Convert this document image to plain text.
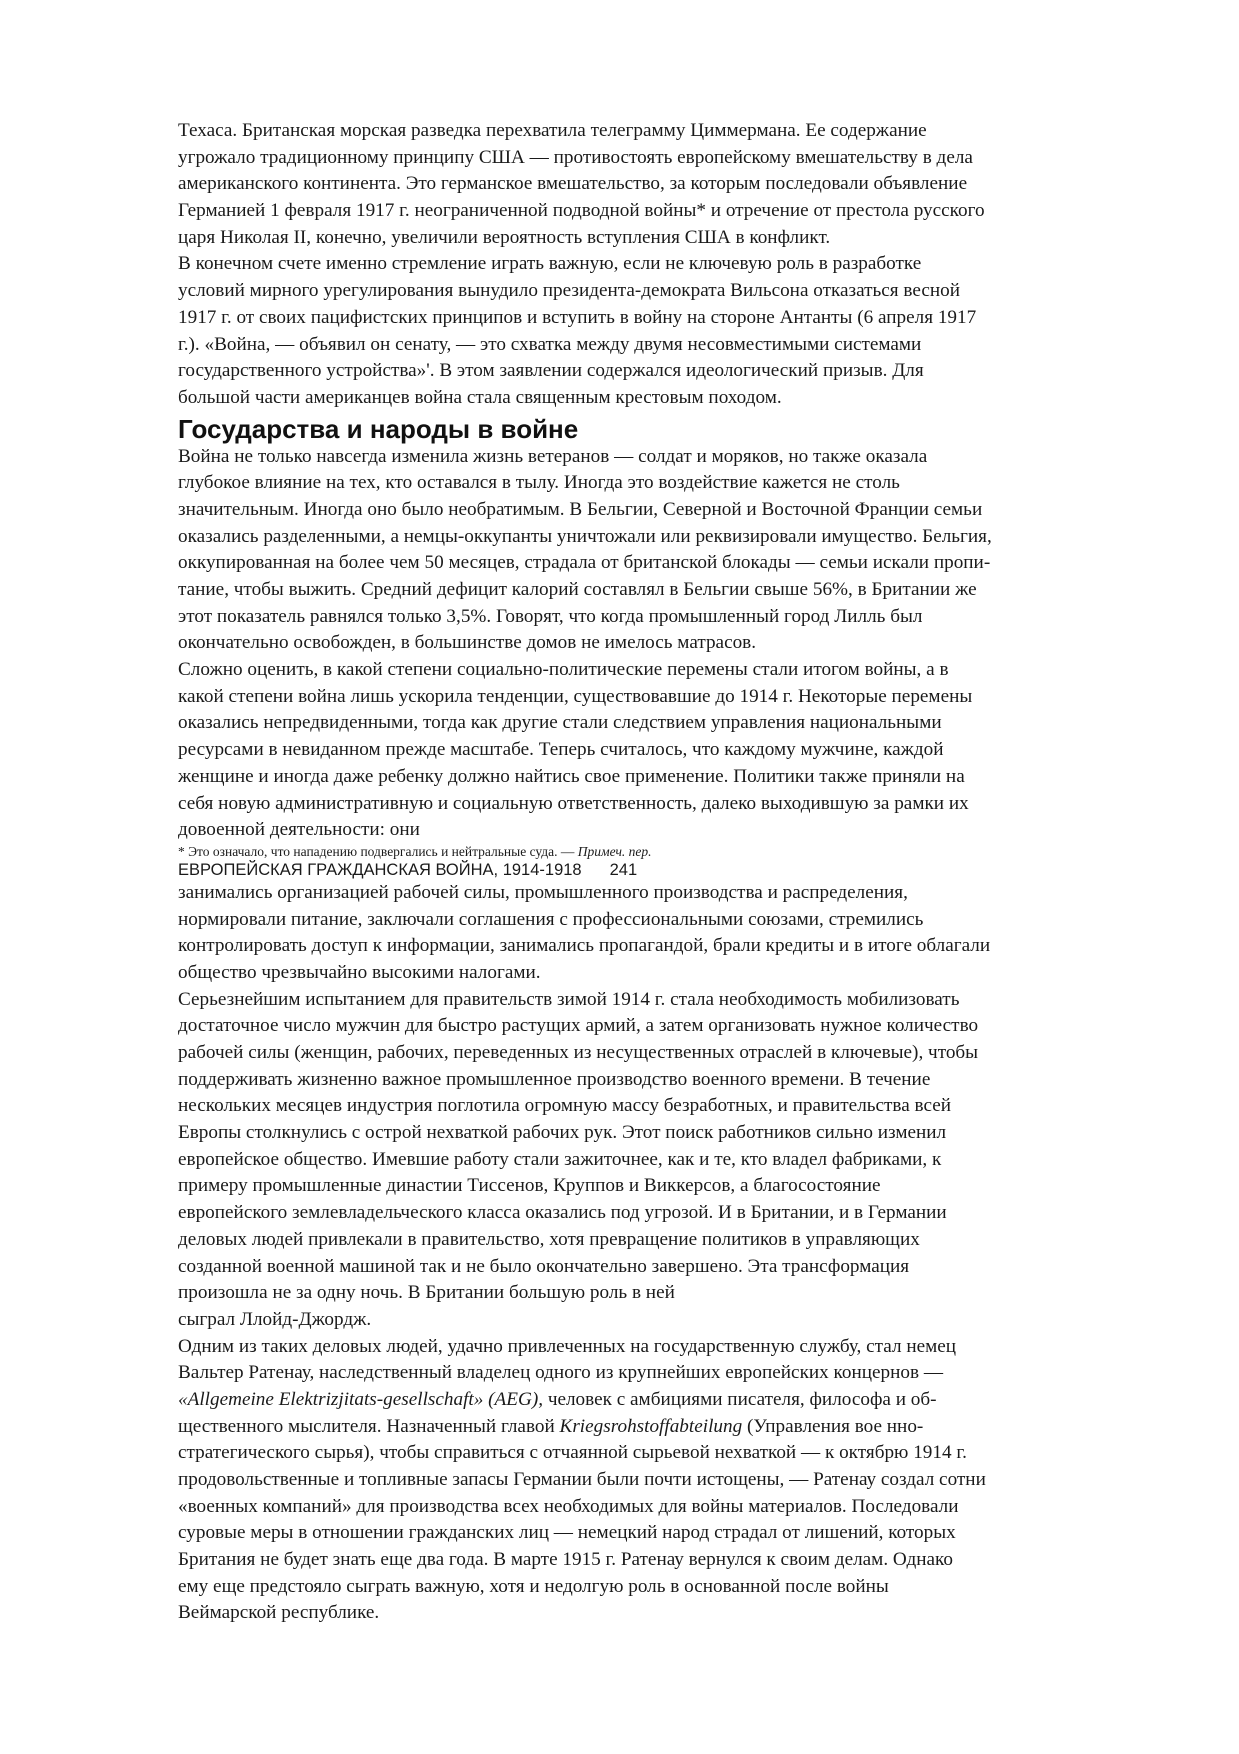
Техаса. Британская морская разведка перехватила телеграмму Циммермана. Ее содержание
угрожало традиционному принципу США — противостоять европейскому вмешательству в дела
американского континента. Это германское вмешательство, за которым последовали объявление
Германией 1 февраля 1917 г. неограниченной подводной войны* и отречение от престола русского
царя Николая II, конечно, увеличили вероятность вступления США в конфликт.
В конечном счете именно стремление играть важную, если не ключевую роль в разработке
условий мирного урегулирования вынудило президента-демократа Вильсона отказаться весной
1917 г. от своих пацифистских принципов и вступить в войну на стороне Антанты (6 апреля 1917
г.). «Война, — объявил он сенату, — это схватка между двумя несовместимыми системами
государственного устройства»'. В этом заявлении содержался идеологический призыв. Для
большой части американцев война стала священным крестовым походом.
Государства и народы в войне
Война не только навсегда изменила жизнь ветеранов — солдат и моряков, но также оказала
глубокое влияние на тех, кто оставался в тылу. Иногда это воздействие кажется не столь
значительным. Иногда оно было необратимым. В Бельгии, Северной и Восточной Франции семьи
оказались разделенными, а немцы-оккупанты уничтожали или реквизировали имущество. Бельгия,
оккупированная на более чем 50 месяцев, страдала от британской блокады — семьи искали пропи-
тание, чтобы выжить. Средний дефицит калорий составлял в Бельгии свыше 56%, в Британии же
этот показатель равнялся только 3,5%. Говорят, что когда промышленный город Лилль был
окончательно освобожден, в большинстве домов не имелось матрасов.
Сложно оценить, в какой степени социально-политические перемены стали итогом войны, а в
какой степени война лишь ускорила тенденции, существовавшие до 1914 г. Некоторые перемены
оказались непредвиденными, тогда как другие стали следствием управления национальными
ресурсами в невиданном прежде масштабе. Теперь считалось, что каждому мужчине, каждой
женщине и иногда даже ребенку должно найтись свое применение. Политики также приняли на
себя новую административную и социальную ответственность, далеко выходившую за рамки их
довоенной деятельности: они
* Это означало, что нападению подвергались и нейтральные суда. — Примеч. пер.
ЕВРОПЕЙСКАЯ ГРАЖДАНСКАЯ ВОЙНА, 1914-1918 241
занимались организацией рабочей силы, промышленного производства и распределения,
нормировали питание, заключали соглашения с профессиональными союзами, стремились
контролировать доступ к информации, занимались пропагандой, брали кредиты и в итоге облагали
общество чрезвычайно высокими налогами.
Серьезнейшим испытанием для правительств зимой 1914 г. стала необходимость мобилизовать
достаточное число мужчин для быстро растущих армий, а затем организовать нужное количество
рабочей силы (женщин, рабочих, переведенных из несущественных отраслей в ключевые), чтобы
поддерживать жизненно важное промышленное производство военного времени. В течение
нескольких месяцев индустрия поглотила огромную массу безработных, и правительства всей
Европы столкнулись с острой нехваткой рабочих рук. Этот поиск работников сильно изменил
европейское общество. Имевшие работу стали зажиточнее, как и те, кто владел фабриками, к
примеру промышленные династии Тиссенов, Круппов и Виккерсов, а благосостояние
европейского землевладельческого класса оказались под угрозой. И в Британии, и в Германии
деловых людей привлекали в правительство, хотя превращение политиков в управляющих
созданной военной машиной так и не было окончательно завершено. Эта трансформация
произошла не за одну ночь. В Британии большую роль в ней
сыграл Ллойд-Джордж.
Одним из таких деловых людей, удачно привлеченных на государственную службу, стал немец
Вальтер Ратенау, наследственный владелец одного из крупнейших европейских концернов —
«Allgemeine Elektrizjitats-gesellschaft» (AEG), человек с амбициями писателя, философа и об-
щественного мыслителя. Назначенный главой Kriegsrohstoffabteilung (Управления вое нно-
стратегического сырья), чтобы справиться с отчаянной сырьевой нехваткой — к октябрю 1914 г.
продовольственные и топливные запасы Германии были почти истощены, — Ратенау создал сотни
«военных компаний» для производства всех необходимых для войны материалов. Последовали
суровые меры в отношении гражданских лиц — немецкий народ страдал от лишений, которых
Британия не будет знать еще два года. В марте 1915 г. Ратенау вернулся к своим делам. Однако
ему еще предстояло сыграть важную, хотя и недолгую роль в основанной после войны
Веймарской республике.
